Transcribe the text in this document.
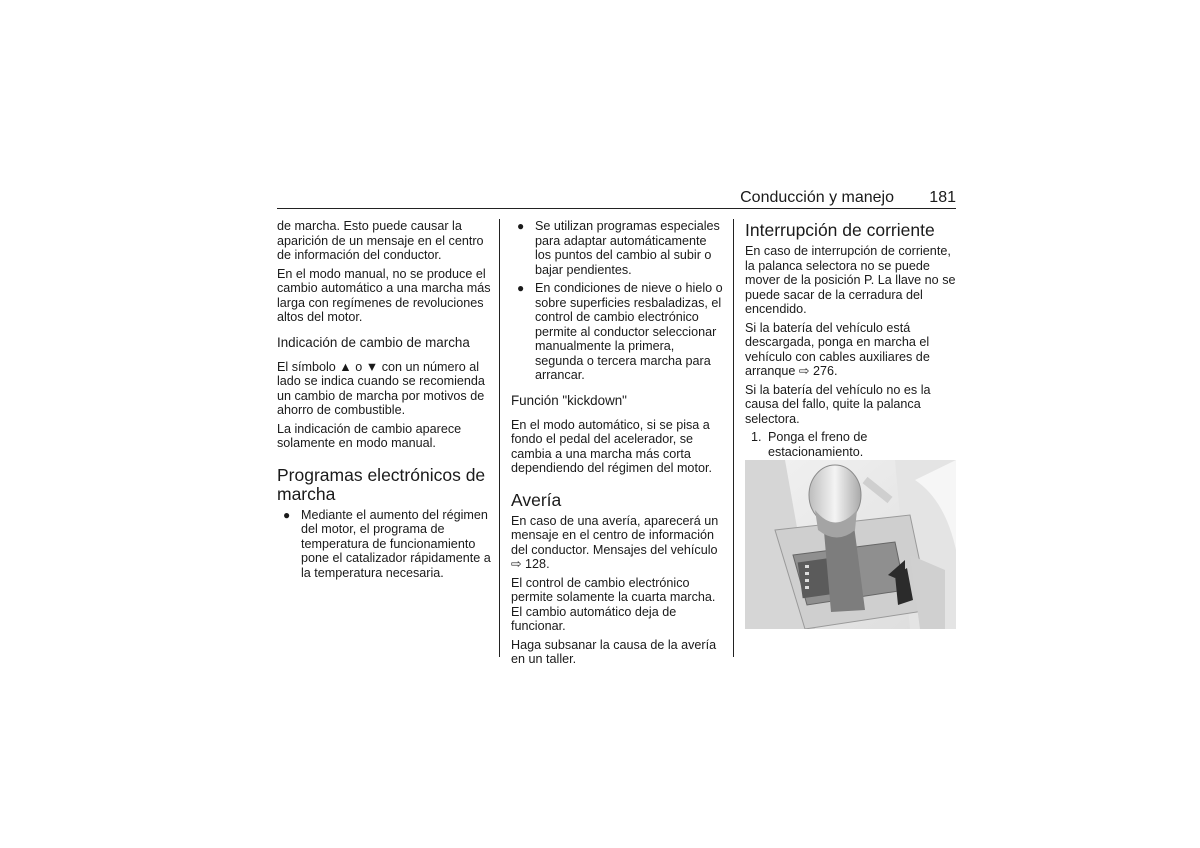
Conducción y manejo 181

de marcha. Esto puede causar la aparición de un mensaje en el centro de información del conductor.

En el modo manual, no se produce el cambio automático a una marcha más larga con regímenes de revoluciones altos del motor.

Indicación de cambio de marcha

El símbolo ▲ o ▼ con un número al lado se indica cuando se recomienda un cambio de marcha por motivos de ahorro de combustible.

La indicación de cambio aparece solamente en modo manual.

Programas electrónicos de marcha
● Mediante el aumento del régimen del motor, el programa de temperatura de funcionamiento pone el catalizador rápidamente a la temperatura necesaria.
● Se utilizan programas especiales para adaptar automáticamente los puntos del cambio al subir o bajar pendientes.
● En condiciones de nieve o hielo o sobre superficies resbaladizas, el control de cambio electrónico permite al conductor seleccionar manualmente la primera, segunda o tercera marcha para arrancar.
Función "kickdown"

En el modo automático, si se pisa a fondo el pedal del acelerador, se cambia a una marcha más corta dependiendo del régimen del motor.

Avería

En caso de una avería, aparecerá un mensaje en el centro de información del conductor. Mensajes del vehículo ⇨ 128.

El control de cambio electrónico permite solamente la cuarta marcha. El cambio automático deja de funcionar.

Haga subsanar la causa de la avería en un taller.

Interrupción de corriente

En caso de interrupción de corriente, la palanca selectora no se puede mover de la posición P. La llave no se puede sacar de la cerradura del encendido.

Si la batería del vehículo está descargada, ponga en marcha el vehículo con cables auxiliares de arranque ⇨ 276.

Si la batería del vehículo no es la causa del fallo, quite la palanca selectora.

1. Ponga el freno de estacionamiento.
